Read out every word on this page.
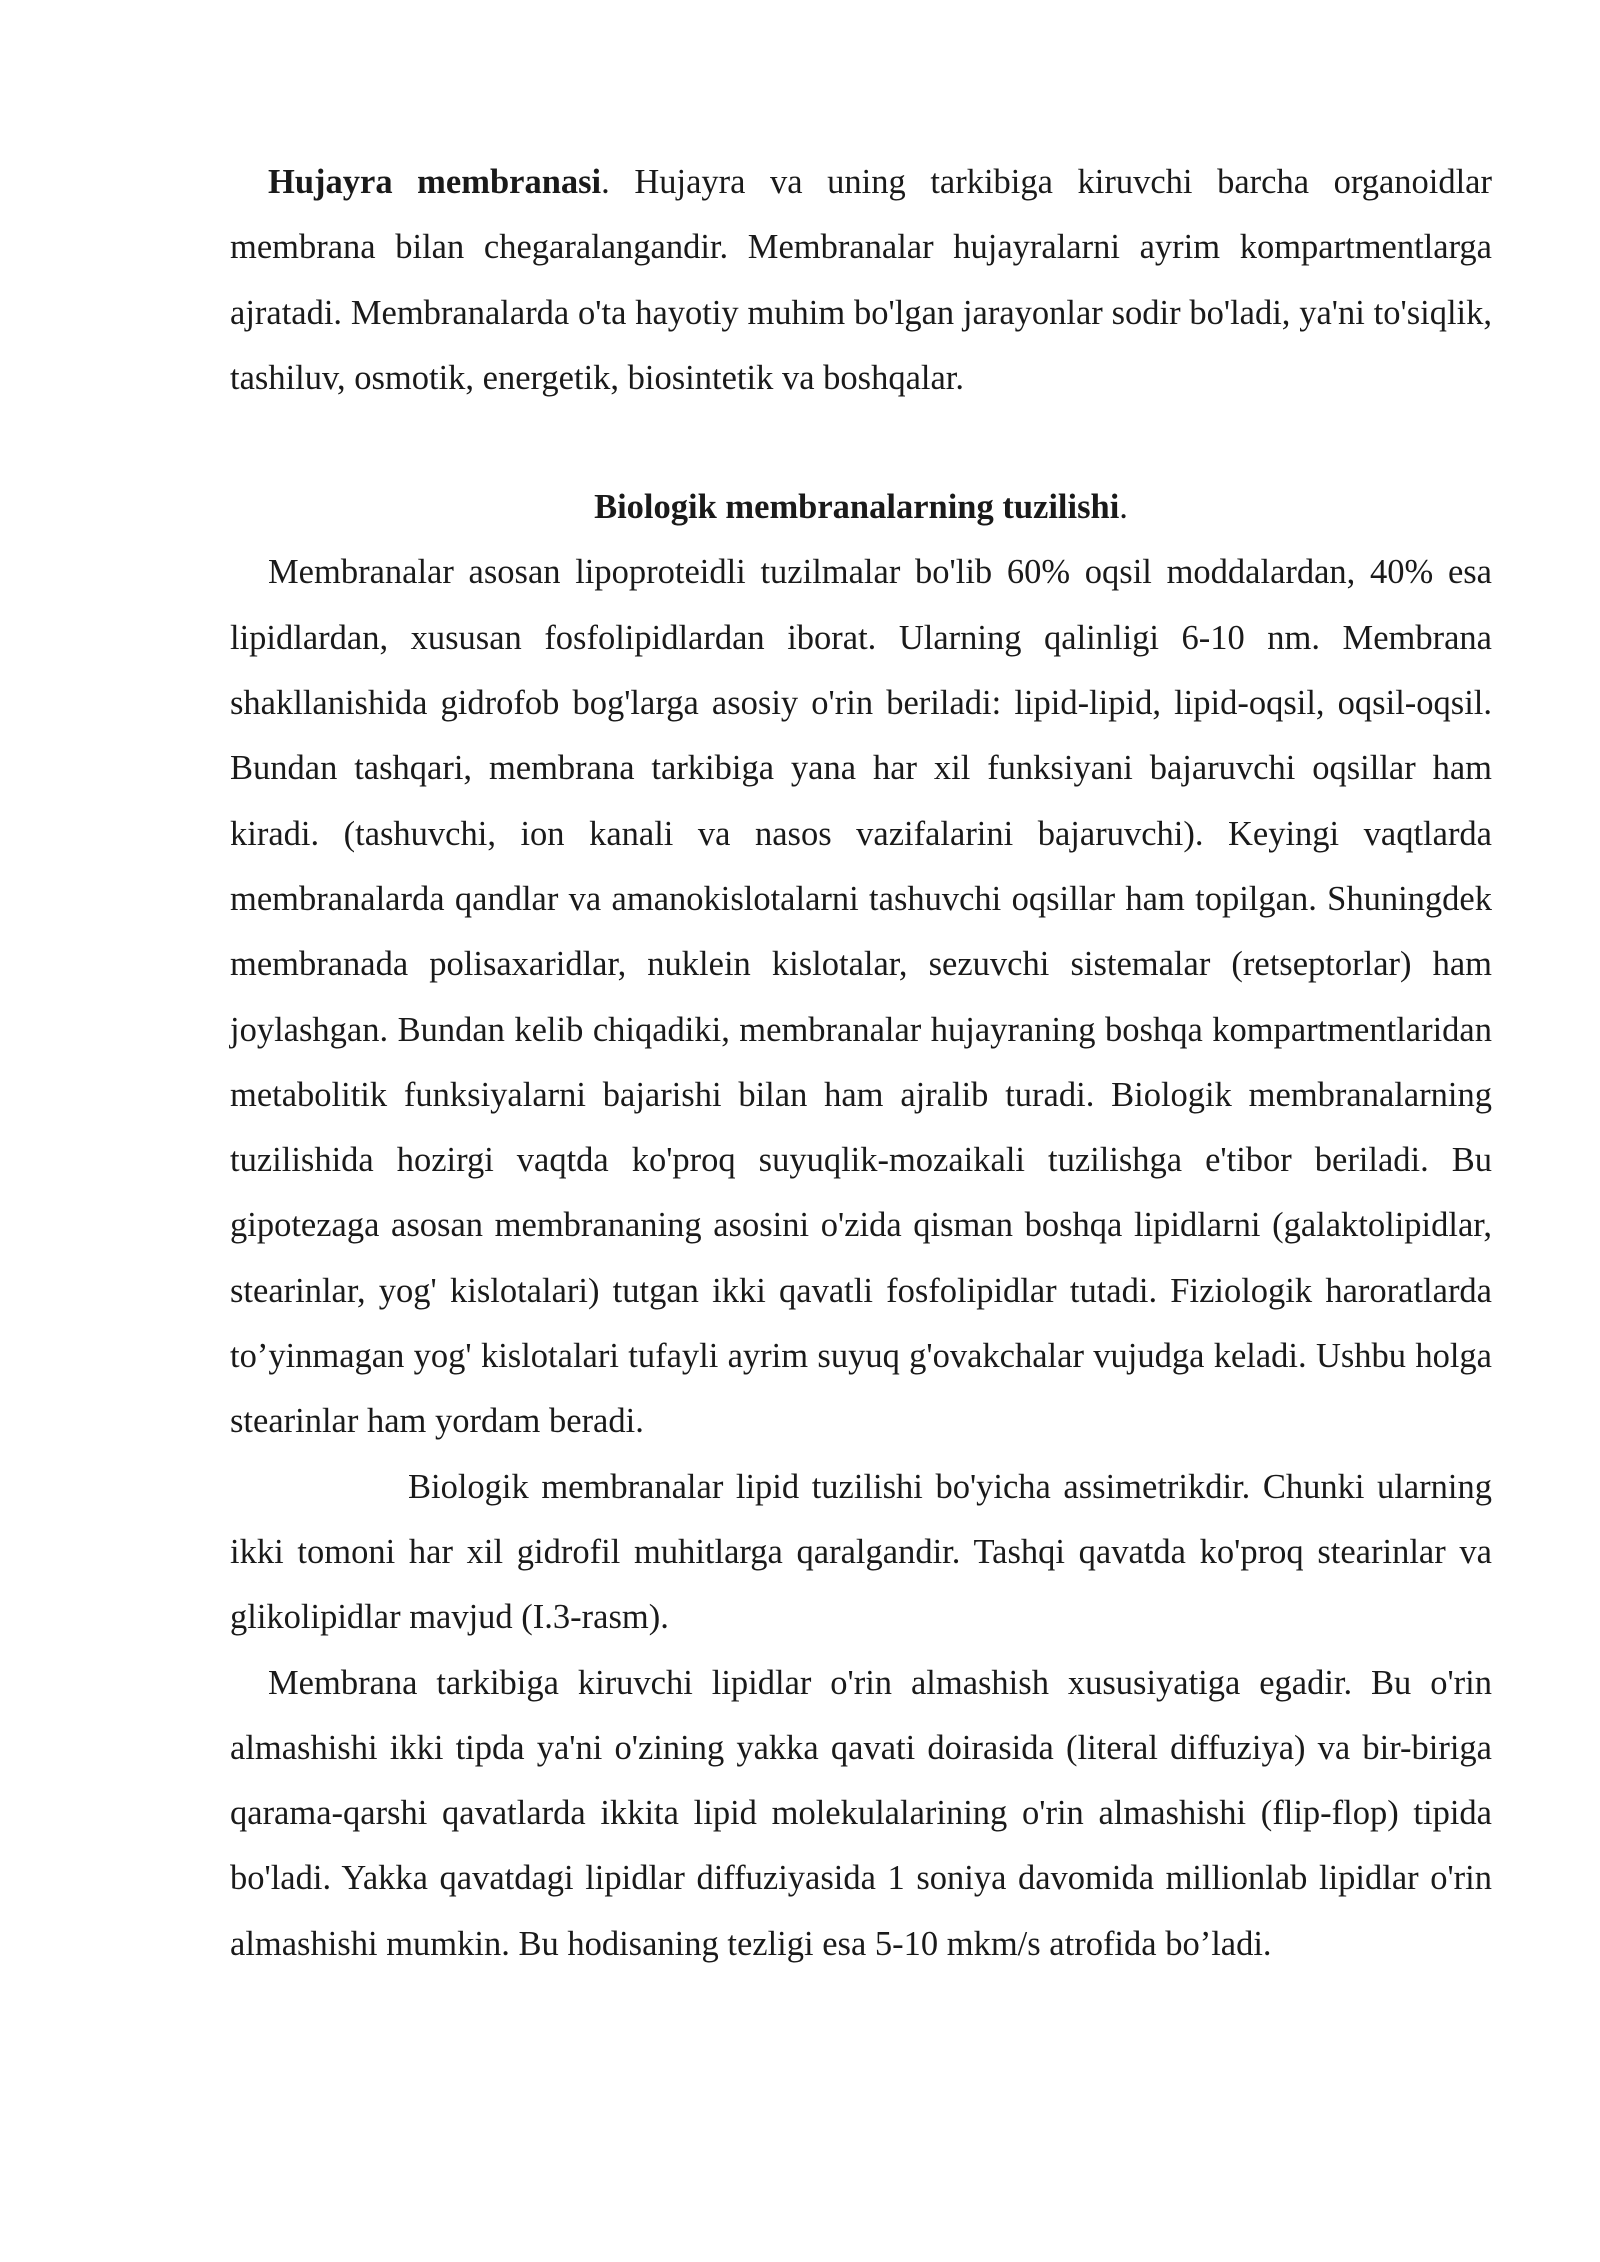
Hujayra membranasi. Hujayra va uning tarkibiga kiruvchi barcha organoidlar membrana bilan chegaralangandir. Membranalar hujayralarni ayrim kompartmentlarga ajratadi. Membranalarda o'ta hayotiy muhim bo'lgan jarayonlar sodir bo'ladi, ya'ni to'siqlik, tashiluv, osmotik, energetik, biosintetik va boshqalar.

Biologik membranalarning tuzilishi.

Membranalar asosan lipoproteidli tuzilmalar bo'lib 60% oqsil moddalardan, 40% esa lipidlardan, xususan fosfolipidlardan iborat. Ularning qalinligi 6-10 nm. Membrana shakllanishida gidrofob bog'larga asosiy o'rin beriladi: lipid-lipid, lipid-oqsil, oqsil-oqsil. Bundan tashqari, membrana tarkibiga yana har xil funksiyani bajaruvchi oqsillar ham kiradi. (tashuvchi, ion kanali va nasos vazifalarini bajaruvchi). Keyingi vaqtlarda membranalarda qandlar va amanokislotalarni tashuvchi oqsillar ham topilgan. Shuningdek membranada polisaxaridlar, nuklein kislotalar, sezuvchi sistemalar (retseptorlar) ham joylashgan. Bundan kelib chiqadiki, membranalar hujayraning boshqa kompartmentlaridan metabolitik funksiyalarni bajarishi bilan ham ajralib turadi. Biologik membranalarning tuzilishida hozirgi vaqtda ko'proq suyuqlik-mozaikali tuzilishga e'tibor beriladi. Bu gipotezaga asosan membrananing asosini o'zida qisman boshqa lipidlarni (galaktolipidlar, stearinlar, yog' kislotalari) tutgan ikki qavatli fosfolipidlar tutadi. Fiziologik haroratlarda to’yinmagan yog' kislotalari tufayli ayrim suyuq g'ovakchalar vujudga keladi. Ushbu holga stearinlar ham yordam beradi.

Biologik membranalar lipid tuzilishi bo'yicha assimetrikdir. Chunki ularning ikki tomoni har xil gidrofil muhitlarga qaralgandir. Tashqi qavatda ko'proq stearinlar va glikolipidlar mavjud (I.3-rasm).

Membrana tarkibiga kiruvchi lipidlar o'rin almashish xususiyatiga egadir. Bu o'rin almashishi ikki tipda ya'ni o'zining yakka qavati doirasida (literal diffuziya) va bir-biriga qarama-qarshi qavatlarda ikkita lipid molekulalarining o'rin almashishi (flip-flop) tipida bo'ladi. Yakka qavatdagi lipidlar diffuziyasida 1 soniya davomida millionlab lipidlar o'rin almashishi mumkin. Bu hodisaning tezligi esa 5-10 mkm/s atrofida bo’ladi.
